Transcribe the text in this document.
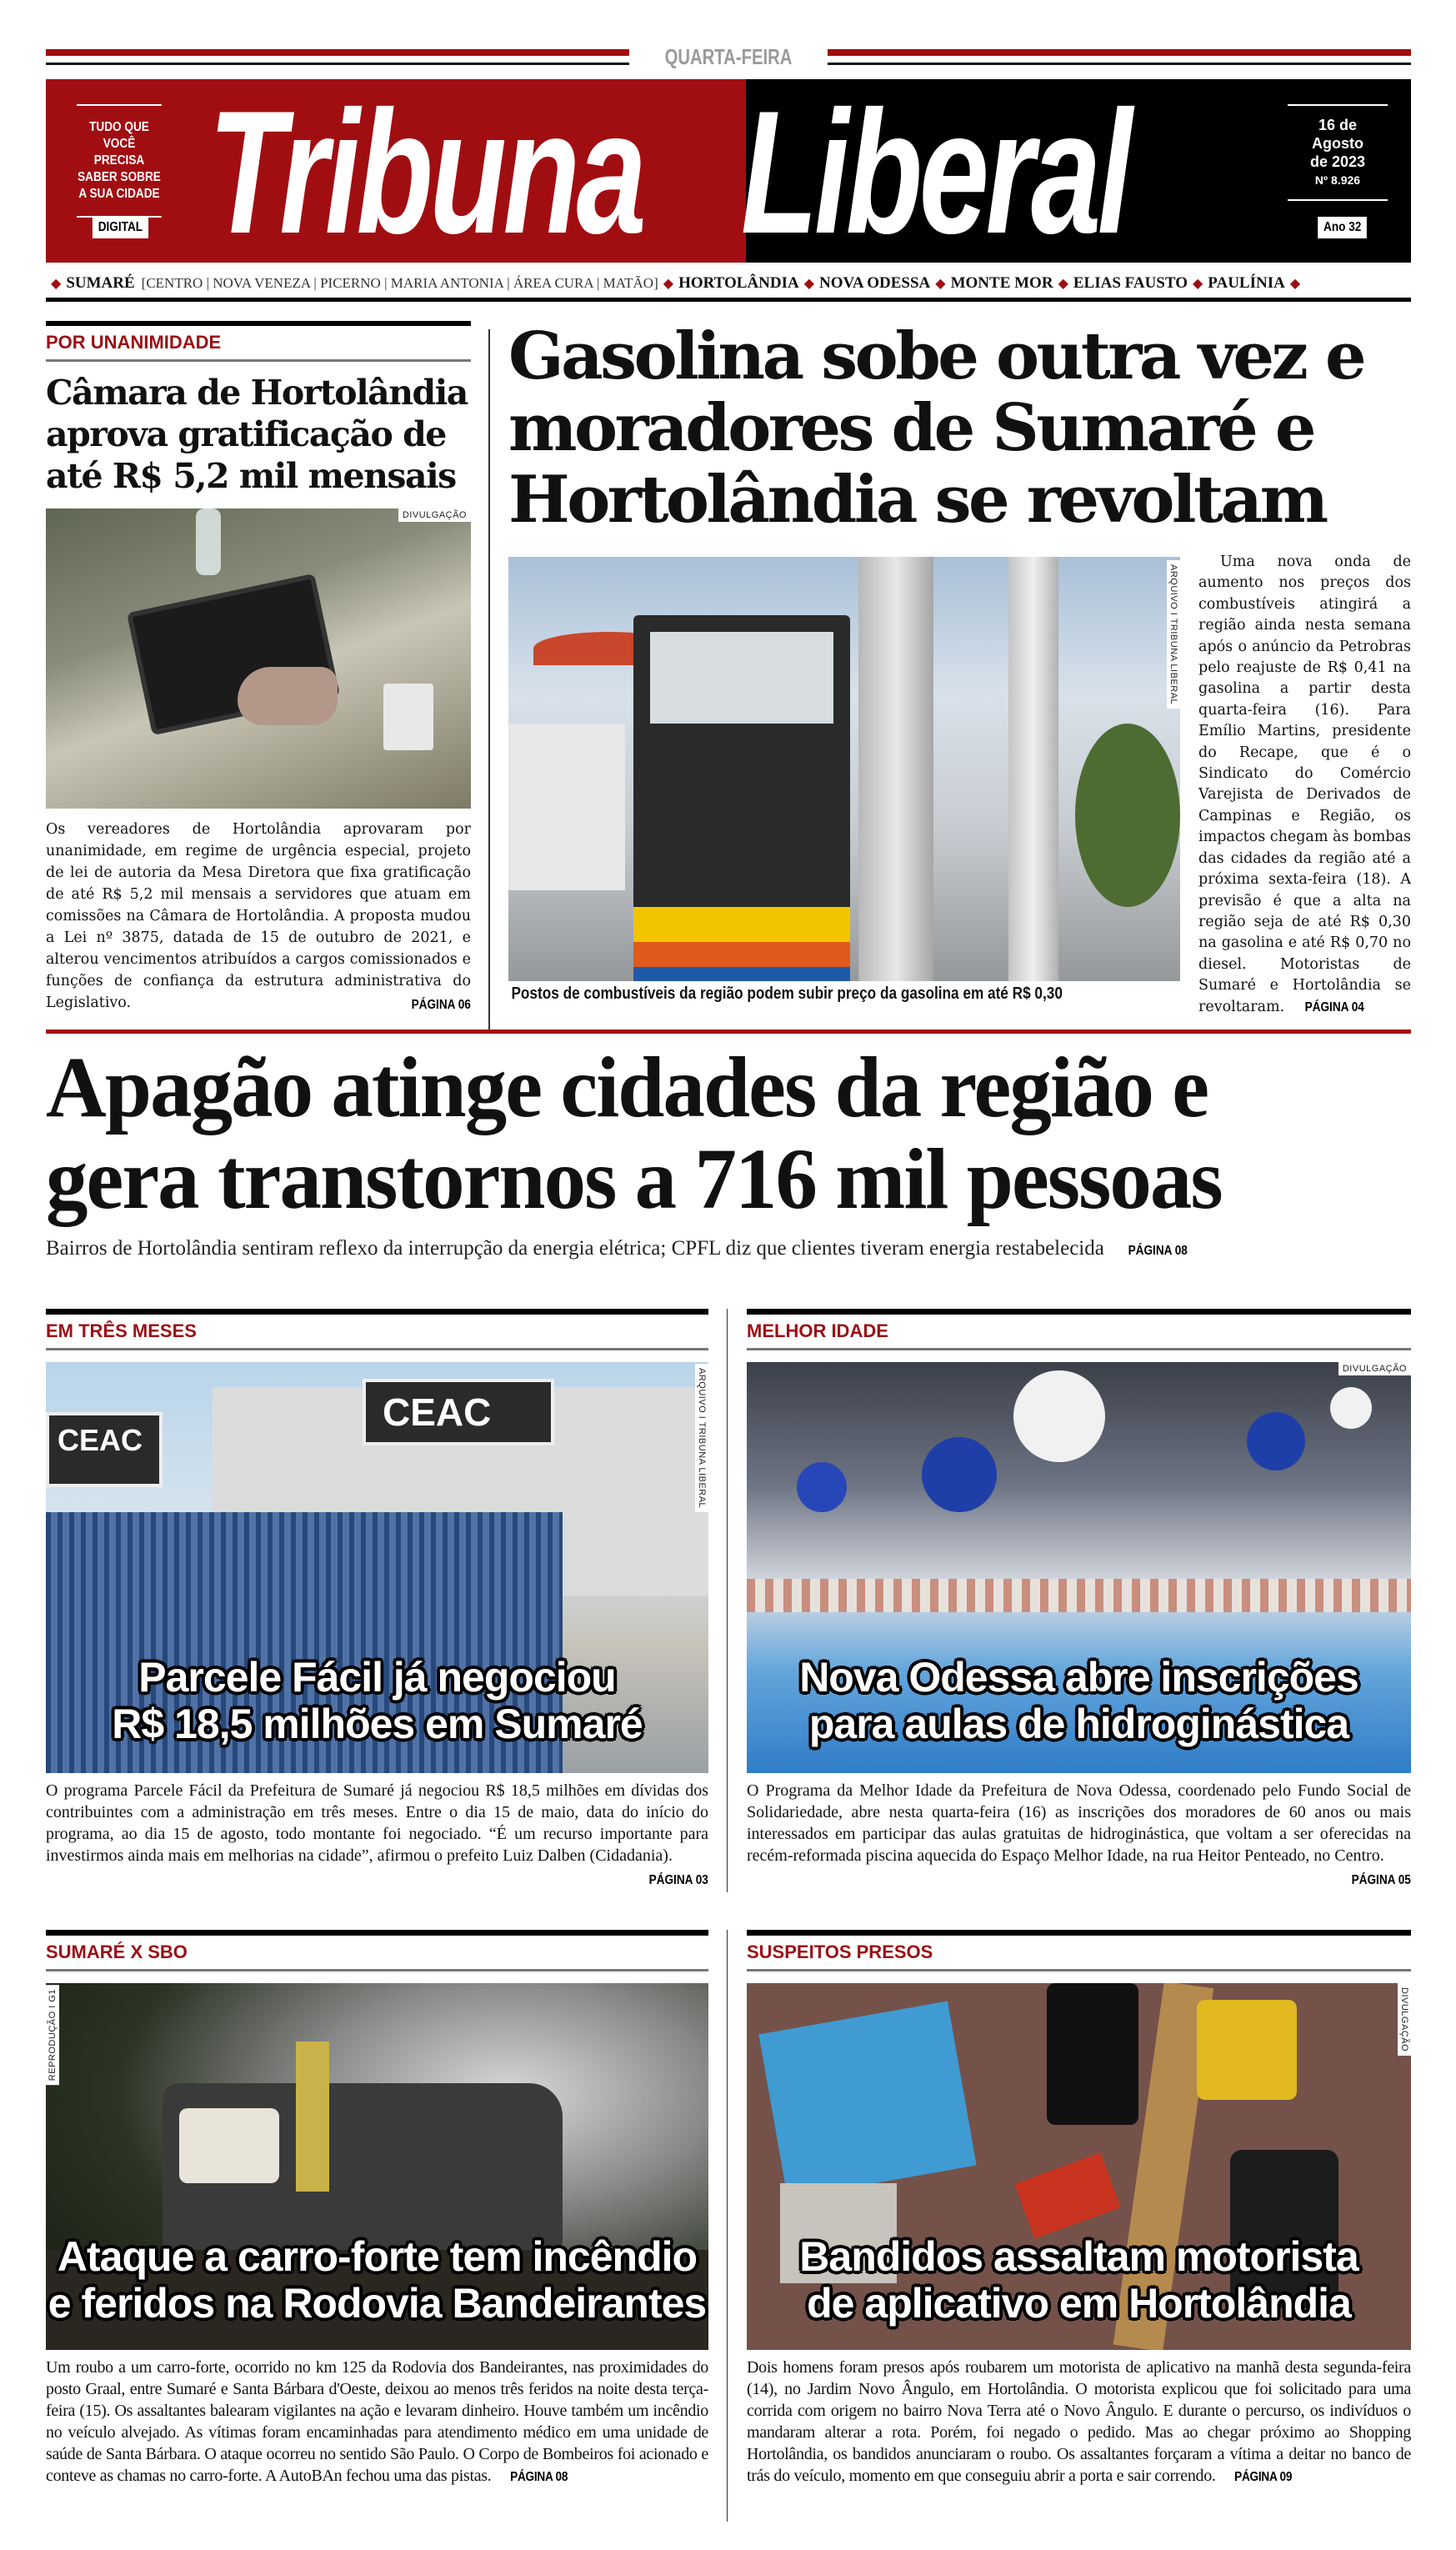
QUARTA-FEIRA
TUDO QUE
VOCÊ PRECISA
SABER SOBRE
A SUA CIDADE
DIGITAL Tribuna Liberal	16 de
Agosto
de 2023
Nº 8.926
Ano 32
◆ SUMARÉ [CENTRO | NOVA VENEZA | PICERNO | MARIA ANTONIA | ÁREA CURA | MATÃO] ◆ HORTOLÂNDIA ◆ NOVA ODESSA ◆ MONTE MOR ◆ ELIAS FAUSTO ◆ PAULÍNIA ◆
POR UNANIMIDADE
Câmara de Hortolândia aprova gratificação de até R$ 5,2 mil mensais
DIVULGAÇÃO
Os vereadores de Hortolândia aprovaram por unanimidade, em regime de urgência especial, projeto de lei de autoria da Mesa Diretora que fixa gratificação de até R$ 5,2 mil mensais a servidores que atuam em comissões na Câmara de Hortolândia. A proposta mudou a Lei nº 3875, datada de 15 de outubro de 2021, e alterou vencimentos atribuídos a cargos comissionados e funções de confiança da estrutura administrativa do Legislativo.	PÁGINA 06
Gasolina sobe outra vez e moradores de Sumaré e Hortolândia se revoltam
Postos de combustíveis da região podem subir preço da gasolina em até R$ 0,30
ARQUIVO I TRIBUNA LIBERAL
Uma nova onda de aumento nos preços dos combustíveis atingirá a região ainda nesta semana após o anúncio da Petrobras pelo reajuste de R$ 0,41 na gasolina a partir desta quarta-feira (16). Para Emílio Martins, presidente do Recape, que é o Sindicato do Comércio Varejista de Derivados de Campinas e Região, os impactos chegam às bombas das cidades da região até a próxima sexta-feira (18). A previsão é que a alta na região seja de até R$ 0,30 na gasolina e até R$ 0,70 no diesel. Motoristas de Sumaré e Hortolândia se revoltaram. PÁGINA 04
Apagão atinge cidades da região e
gera transtornos a 716 mil pessoas
Bairros de Hortolândia sentiram reflexo da interrupção da energia elétrica; CPFL diz que clientes tiveram energia restabelecida PÁGINA 08
EM TRÊS MESES
CEAC
CEAC
Parcele Fácil já negociou
R$ 18,5 milhões em Sumaré
ARQUIVO I TRIBUNA LIBERAL
O programa Parcele Fácil da Prefeitura de Sumaré já negociou R$ 18,5 milhões em dívidas dos contribuintes com a administração em três meses. Entre o dia 15 de maio, data do início do programa, ao dia 15 de agosto, todo montante foi negociado. “É um recurso importante para investirmos ainda mais em melhorias na cidade”, afirmou o prefeito Luiz Dalben (Cidadania).
PÁGINA 03
MELHOR IDADE
Nova Odessa abre inscrições
para aulas de hidroginástica
DIVULGAÇÃO
O Programa da Melhor Idade da Prefeitura de Nova Odessa, coordenado pelo Fundo Social de Solidariedade, abre nesta quarta-feira (16) as inscrições dos moradores de 60 anos ou mais interessados em participar das aulas gratuitas de hidroginástica, que voltam a ser oferecidas na recém-reformada piscina aquecida do Espaço Melhor Idade, na rua Heitor Penteado, no Centro.
PÁGINA 05
SUMARÉ X SBO
Ataque a carro-forte tem incêndio
e feridos na Rodovia Bandeirantes
REPRODUÇÃO I G1
Um roubo a um carro-forte, ocorrido no km 125 da Rodovia dos Bandeirantes, nas proximidades do posto Graal, entre Sumaré e Santa Bárbara d'Oeste, deixou ao menos três feridos na noite desta terça-feira (15). Os assaltantes balearam vigilantes na ação e levaram dinheiro. Houve também um incêndio no veículo alvejado. As vítimas foram encaminhadas para atendimento médico em uma unidade de saúde de Santa Bárbara. O ataque ocorreu no sentido São Paulo. O Corpo de Bombeiros foi acionado e conteve as chamas no carro-forte. A AutoBAn fechou uma das pistas. PÁGINA 08
SUSPEITOS PRESOS
Bandidos assaltam motorista
de aplicativo em Hortolândia
DIVULGAÇÃO
Dois homens foram presos após roubarem um motorista de aplicativo na manhã desta segunda-feira (14), no Jardim Novo Ângulo, em Hortolândia. O motorista explicou que foi solicitado para uma corrida com origem no bairro Nova Terra até o Novo Ângulo. E durante o percurso, os indivíduos o mandaram alterar a rota. Porém, foi negado o pedido. Mas ao chegar próximo ao Shopping Hortolândia, os bandidos anunciaram o roubo. Os assaltantes forçaram a vítima a deitar no banco de trás do veículo, momento em que conseguiu abrir a porta e sair correndo. PÁGINA 09
